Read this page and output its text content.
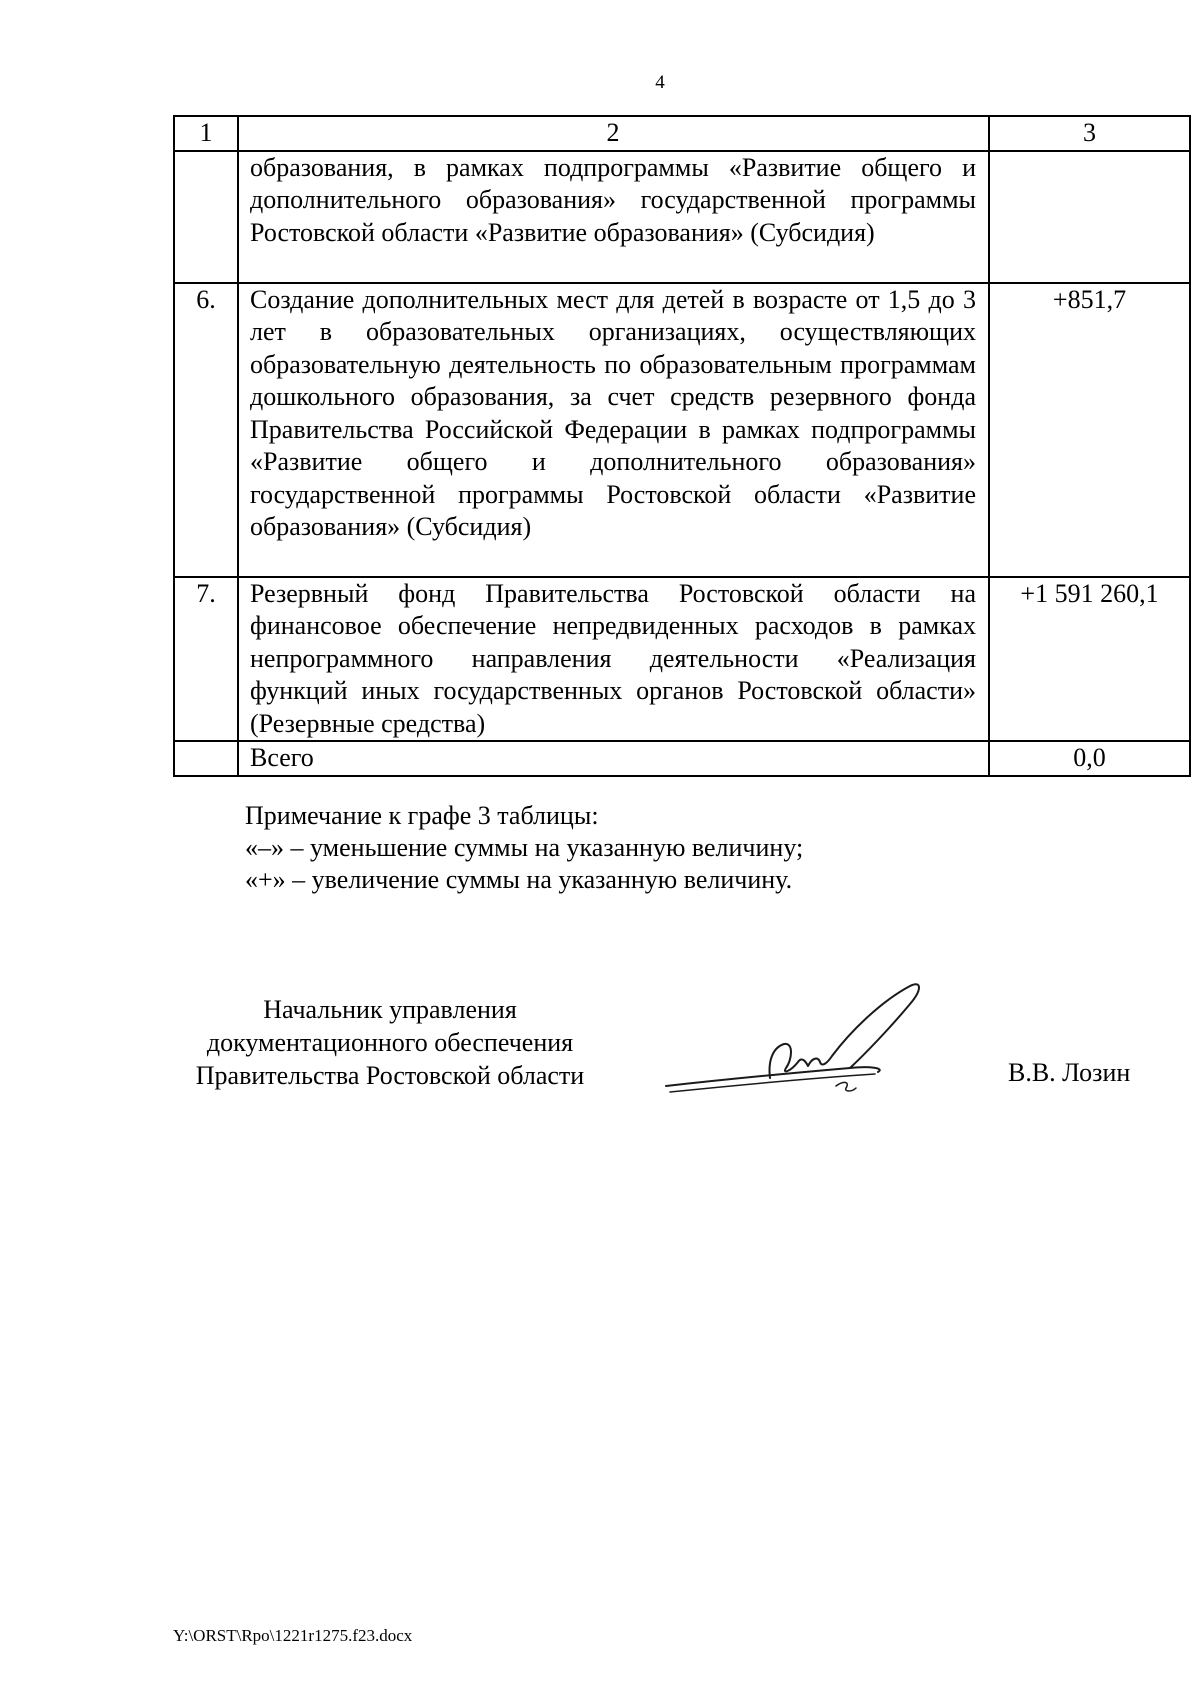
4
1	2	3
	образования, в рамках подпрограммы «Развитие общего и дополнительного образования» государственной программы Ростовской области «Развитие образования» (Субсидия)	
6.	Создание дополнительных мест для детей в возрасте от 1,5 до 3 лет в образовательных организациях, осуществляющих образовательную деятельность по образовательным программам дошкольного образования, за счет средств резервного фонда Правительства Российской Федерации в рамках подпрограммы «Развитие общего и дополнительного образования» государственной программы Ростовской области «Развитие образования» (Субсидия)	+851,7
7.	Резервный фонд Правительства Ростовской области на финансовое обеспечение непредвиденных расходов в рамках непрограммного направления деятельности «Реализация функций иных государственных органов Ростовской области» (Резервные средства)	+1 591 260,1
	Всего	0,0
Примечание к графе 3 таблицы:
«–» – уменьшение суммы на указанную величину;
«+» – увеличение суммы на указанную величину.
Начальник управления
документационного обеспечения
Правительства Ростовской области	В.В. Лозин
Y:\ORST\Rpo\1221r1275.f23.docx
